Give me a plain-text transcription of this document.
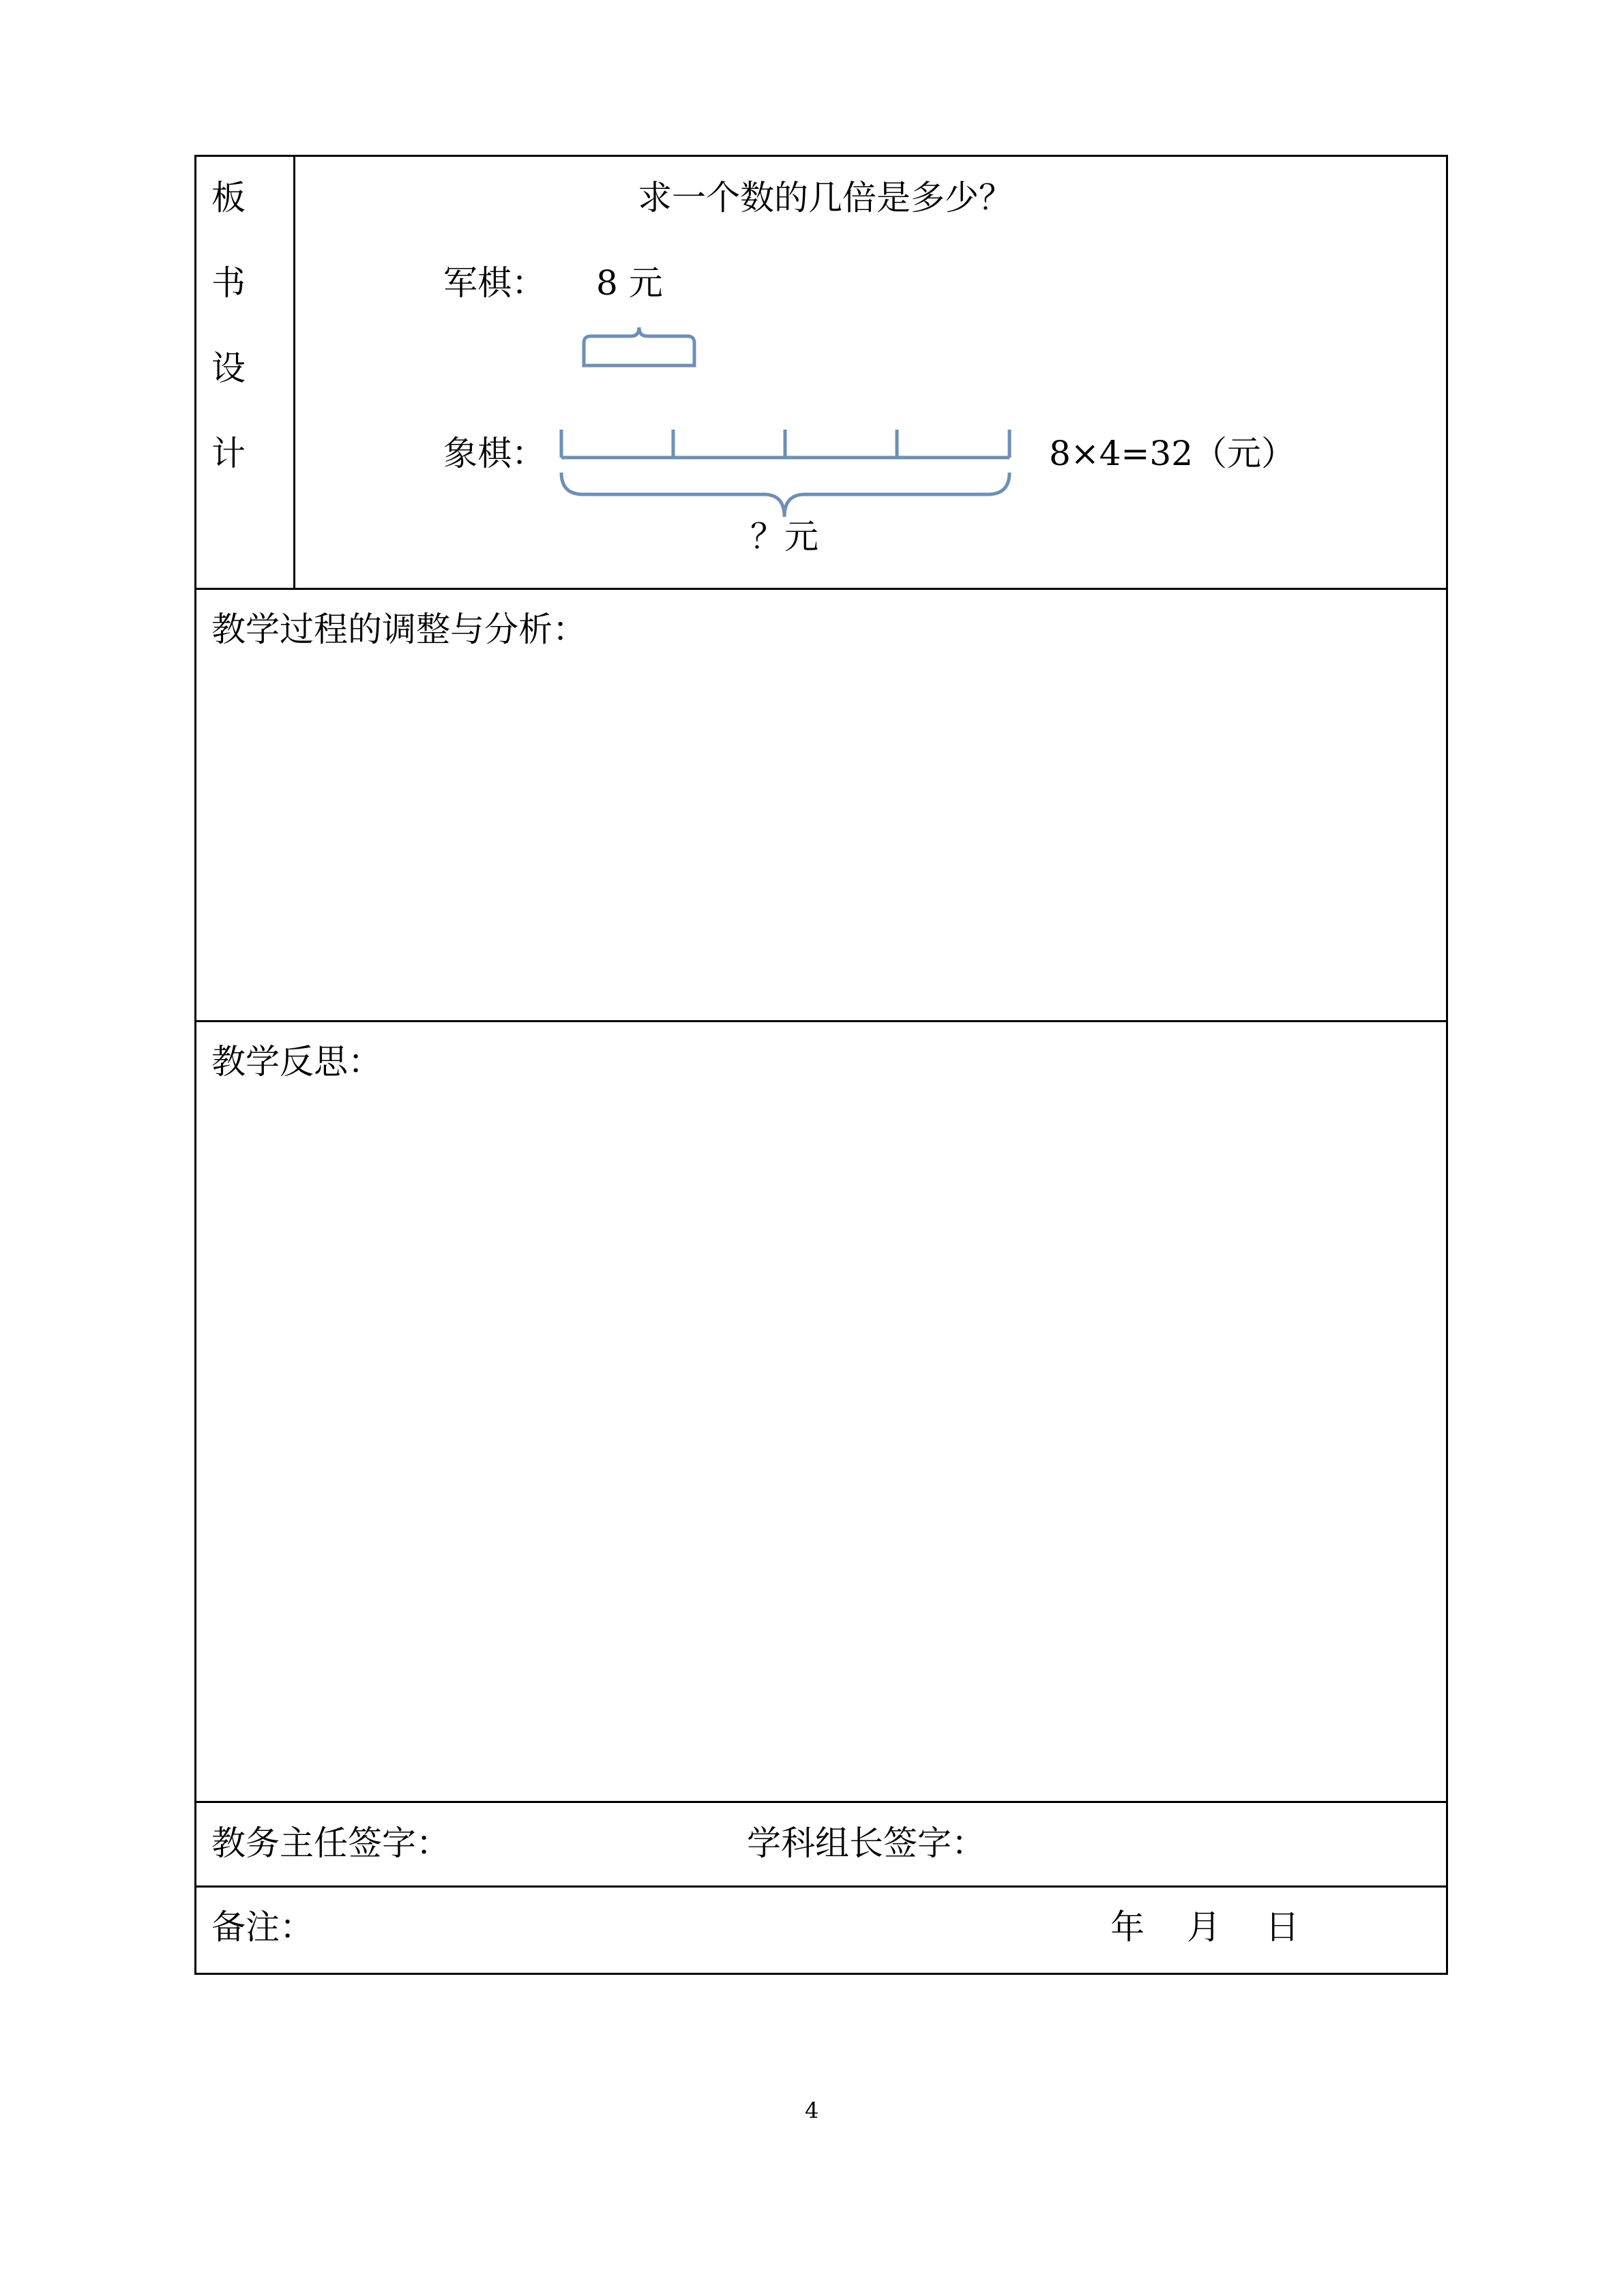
板
书
设
计
求一个数的几倍是多少？
军棋： 8 元
象棋：	8×4=32（元）
？元
教学过程的调整与分析：
教学反思：
教务主任签字：	学科组长签字：
备注：	年 月 日
4
